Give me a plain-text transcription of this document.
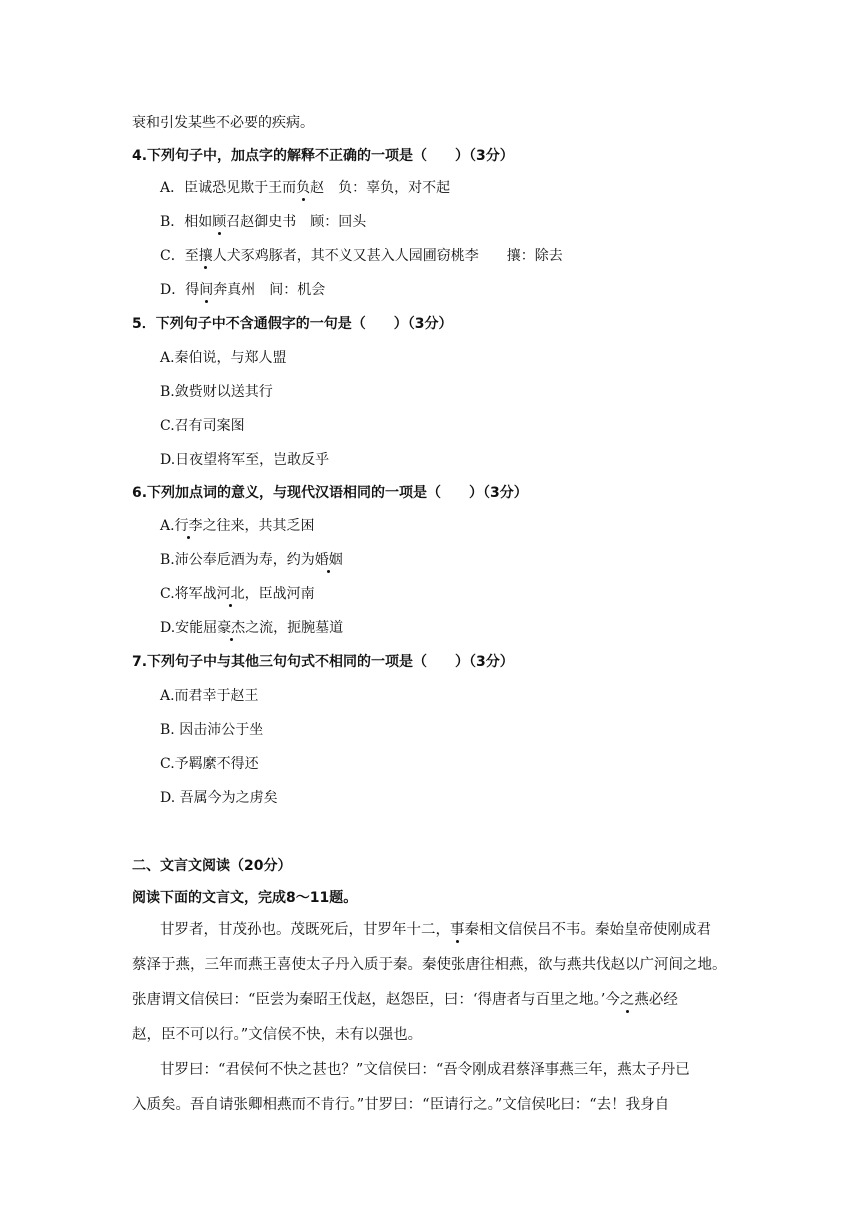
衰和引发某些不必要的疾病。
4.下列句子中，加点字的解释不正确的一项是（　　）（3分）
A．臣诚恐见欺于王而负赵　负：辜负，对不起
B．相如顾召赵御史书　顾：回头
C．至攘人犬豕鸡豚者，其不义又甚入人园圃窃桃李　　攘：除去
D．得间奔真州　间：机会
5．下列句子中不含通假字的一句是（　　）（3分）
A.秦伯说，与郑人盟
B.敛赀财以送其行
C.召有司案图
D.日夜望将军至，岂敢反乎
6.下列加点词的意义，与现代汉语相同的一项是（　　）（3分）
A.行李之往来，共其乏困
B.沛公奉卮酒为寿，约为婚姻
C.将军战河北，臣战河南
D.安能屈豪杰之流，扼腕墓道
7.下列句子中与其他三句句式不相同的一项是（　　）（3分）
A.而君幸于赵王
B. 因击沛公于坐
C.予羁縻不得还
D. 吾属今为之虏矣
二、文言文阅读（20分）
阅读下面的文言文，完成8～11题。
甘罗者，甘茂孙也。茂既死后，甘罗年十二，事秦相文信侯吕不韦。秦始皇帝使刚成君
蔡泽于燕，三年而燕王喜使太子丹入质于秦。秦使张唐往相燕，欲与燕共伐赵以广河间之地。
张唐谓文信侯曰：“臣尝为秦昭王伐赵，赵怨臣，曰：‘得唐者与百里之地。’今之燕必经
赵，臣不可以行。”文信侯不快，未有以强也。
甘罗曰：“君侯何不快之甚也？”文信侯曰：“吾令刚成君蔡泽事燕三年，燕太子丹已
入质矣。吾自请张卿相燕而不肯行。”甘罗曰：“臣请行之。”文信侯叱曰：“去！我身自
